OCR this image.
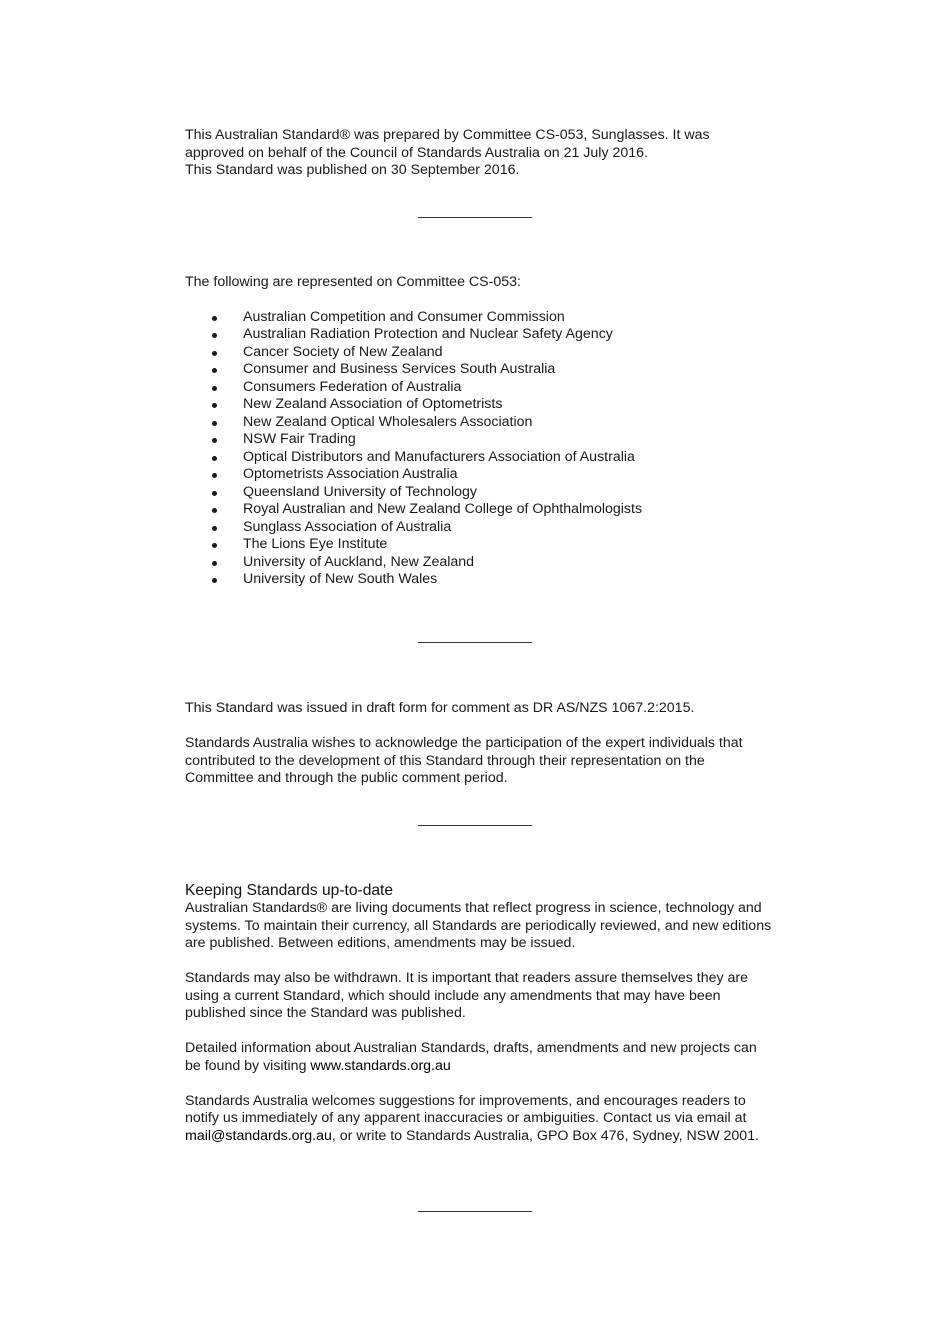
This Australian Standard® was prepared by Committee CS-053, Sunglasses. It was
approved on behalf of the Council of Standards Australia on 21 July 2016.
This Standard was published on 30 September 2016.
The following are represented on Committee CS-053:
Australian Competition and Consumer Commission
Australian Radiation Protection and Nuclear Safety Agency
Cancer Society of New Zealand
Consumer and Business Services South Australia
Consumers Federation of Australia
New Zealand Association of Optometrists
New Zealand Optical Wholesalers Association
NSW Fair Trading
Optical Distributors and Manufacturers Association of Australia
Optometrists Association Australia
Queensland University of Technology
Royal Australian and New Zealand College of Ophthalmologists
Sunglass Association of Australia
The Lions Eye Institute
University of Auckland, New Zealand
University of New South Wales

This Standard was issued in draft form for comment as DR AS/NZS 1067.2:2015.

Standards Australia wishes to acknowledge the participation of the expert individuals that
contributed to the development of this Standard through their representation on the
Committee and through the public comment period.

Keeping Standards up-to-date

Australian Standards® are living documents that reflect progress in science, technology and
systems. To maintain their currency, all Standards are periodically reviewed, and new editions
are published. Between editions, amendments may be issued.

Standards may also be withdrawn. It is important that readers assure themselves they are
using a current Standard, which should include any amendments that may have been
published since the Standard was published.

Detailed information about Australian Standards, drafts, amendments and new projects can
be found by visiting www.standards.org.au

Standards Australia welcomes suggestions for improvements, and encourages readers to
notify us immediately of any apparent inaccuracies or ambiguities. Contact us via email at
mail@standards.org.au, or write to Standards Australia, GPO Box 476, Sydney, NSW 2001.
